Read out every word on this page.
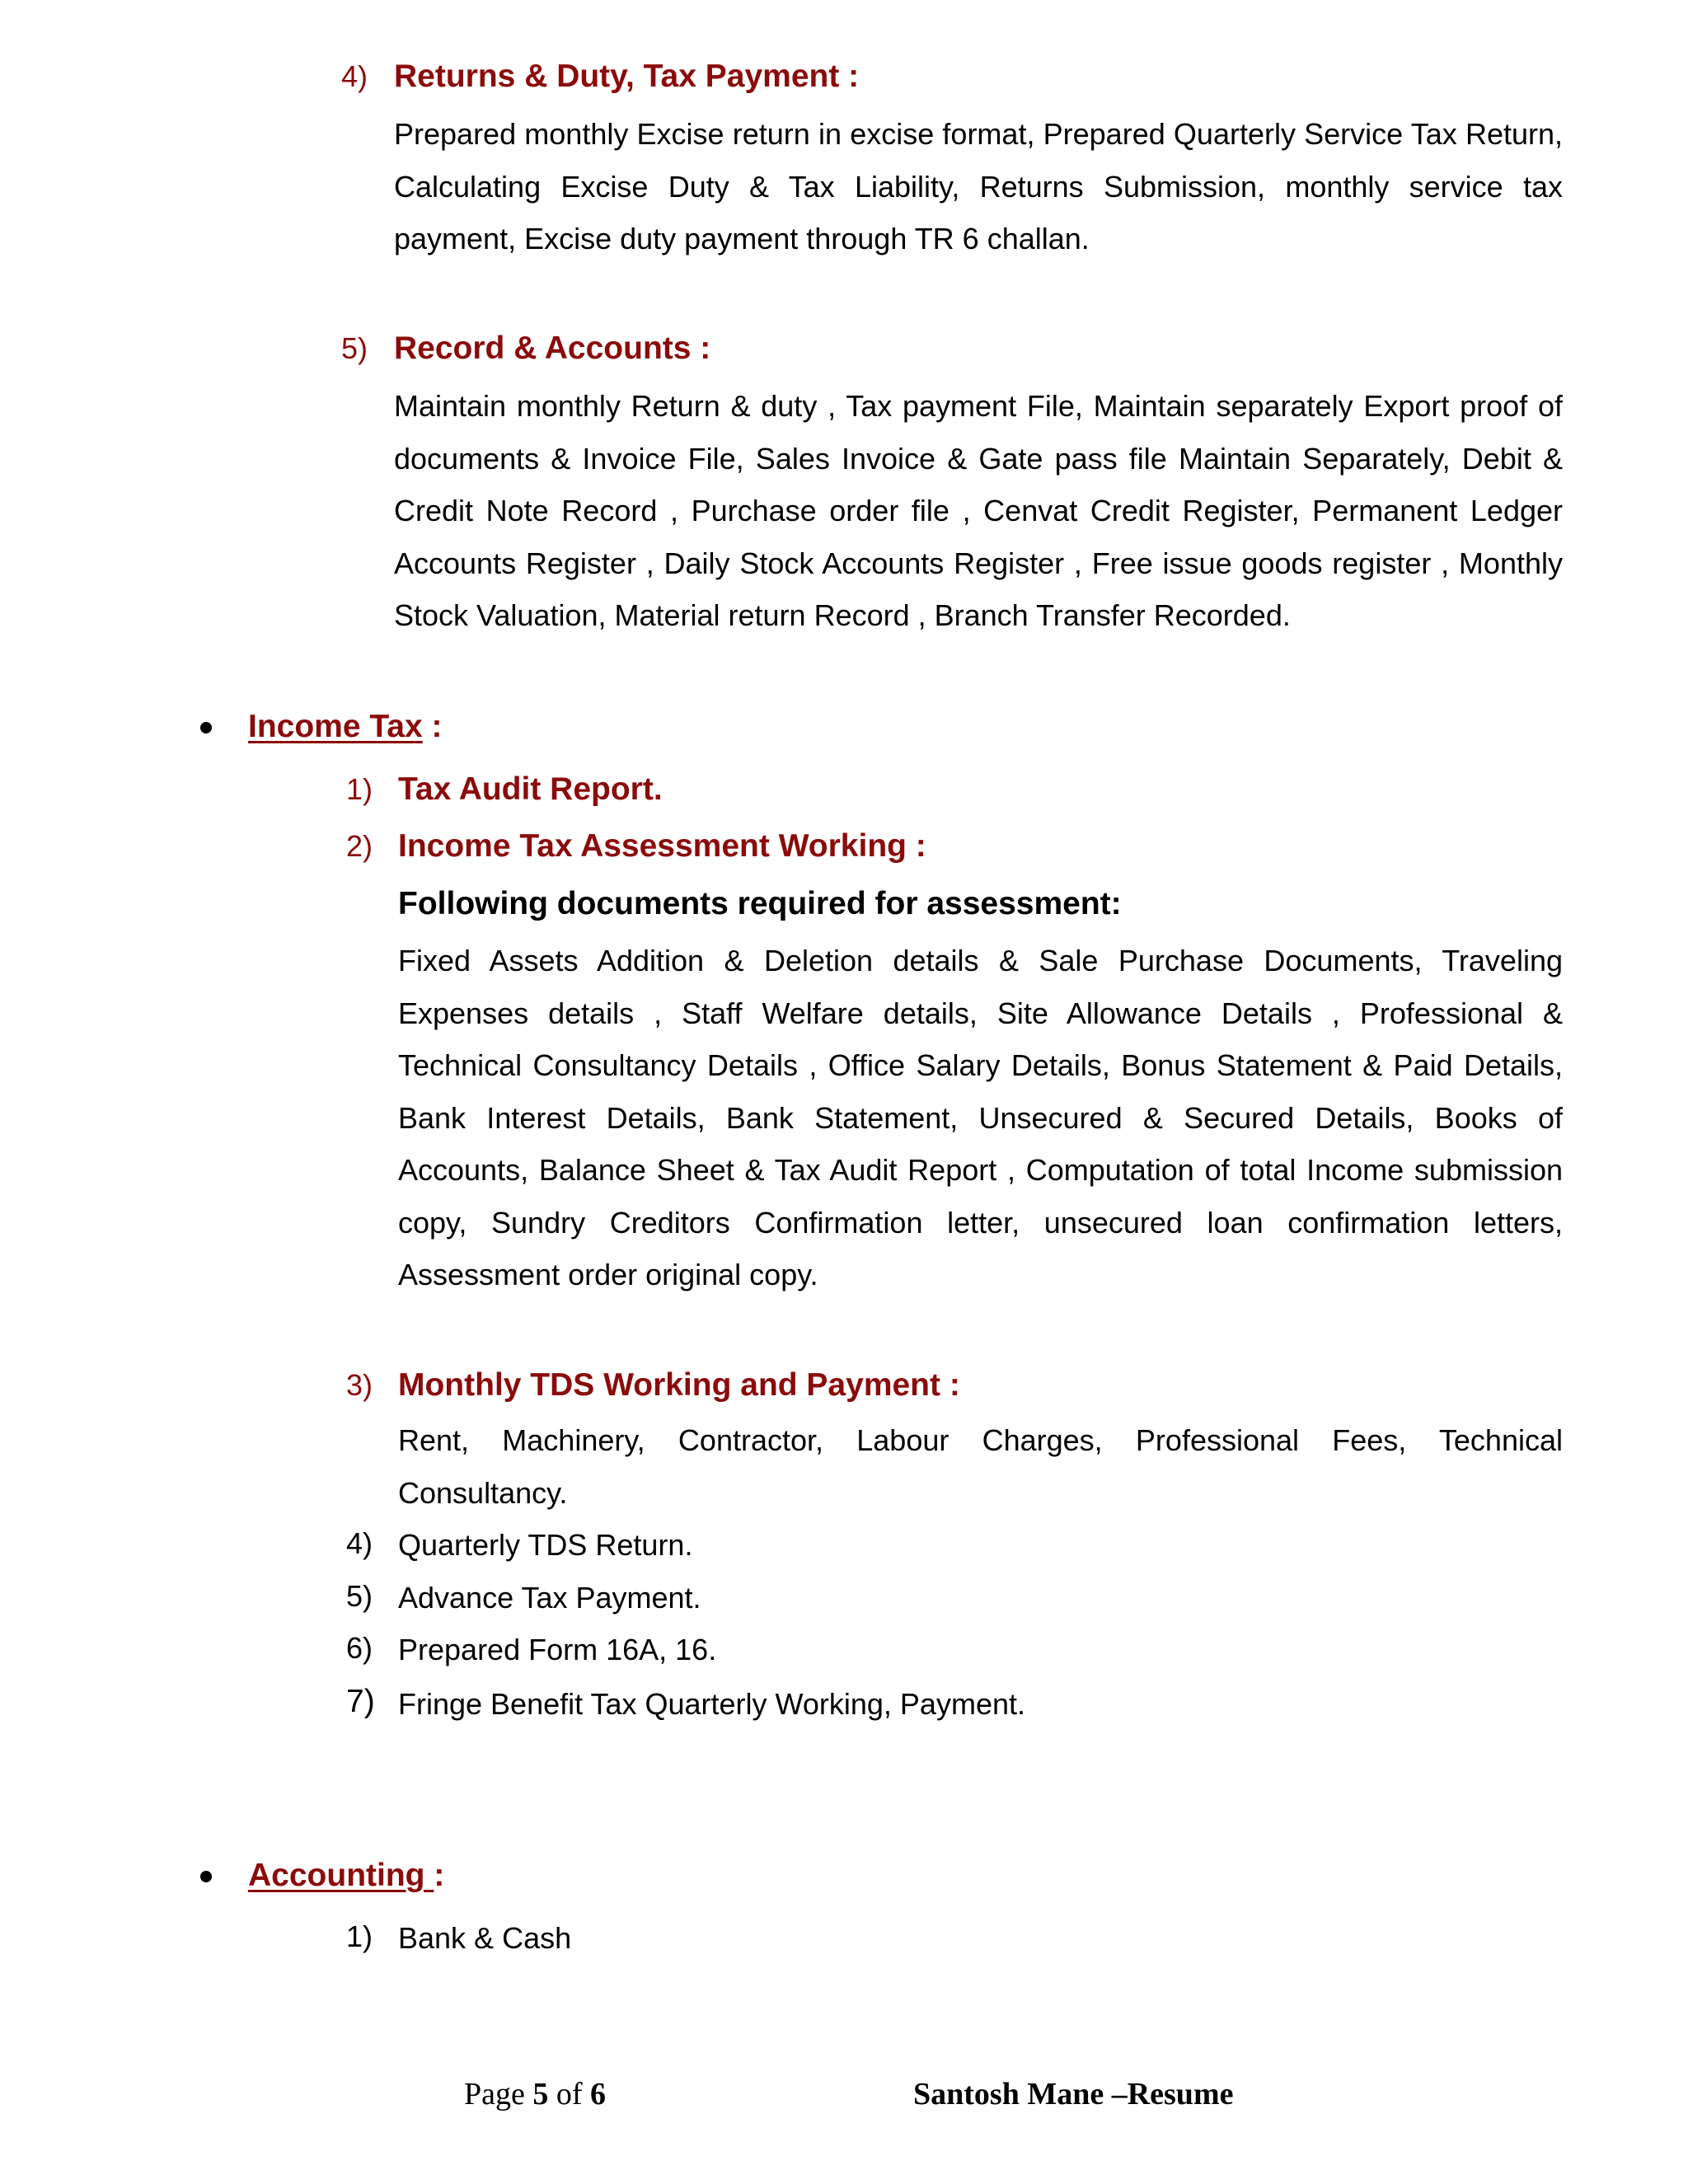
4) Returns & Duty, Tax Payment :
Prepared monthly Excise return in excise format, Prepared Quarterly Service Tax Return, Calculating Excise Duty & Tax Liability, Returns Submission, monthly service tax payment, Excise duty payment through TR 6 challan.
5) Record & Accounts :
Maintain monthly Return & duty , Tax payment File, Maintain separately Export proof of documents & Invoice File, Sales Invoice & Gate pass file Maintain Separately, Debit & Credit Note Record , Purchase order file , Cenvat Credit Register, Permanent Ledger Accounts Register , Daily Stock Accounts Register , Free issue goods register , Monthly Stock Valuation, Material return Record , Branch Transfer Recorded.
Income Tax :
1) Tax Audit Report.
2) Income Tax Assessment Working :
Following documents required for assessment:
Fixed Assets Addition & Deletion details & Sale Purchase Documents, Traveling Expenses details , Staff Welfare details, Site Allowance Details , Professional & Technical Consultancy Details , Office Salary Details, Bonus Statement & Paid Details, Bank Interest Details, Bank Statement, Unsecured & Secured Details, Books of Accounts, Balance Sheet & Tax Audit Report , Computation of total Income submission copy, Sundry Creditors Confirmation letter, unsecured loan confirmation letters, Assessment order original copy.
3) Monthly TDS Working and Payment :
Rent, Machinery, Contractor, Labour Charges, Professional Fees, Technical Consultancy.
4) Quarterly TDS Return.
5) Advance Tax Payment.
6) Prepared Form 16A, 16.
7) Fringe Benefit Tax Quarterly Working, Payment.
Accounting :
1) Bank & Cash
Page 5 of 6	Santosh Mane –Resume
